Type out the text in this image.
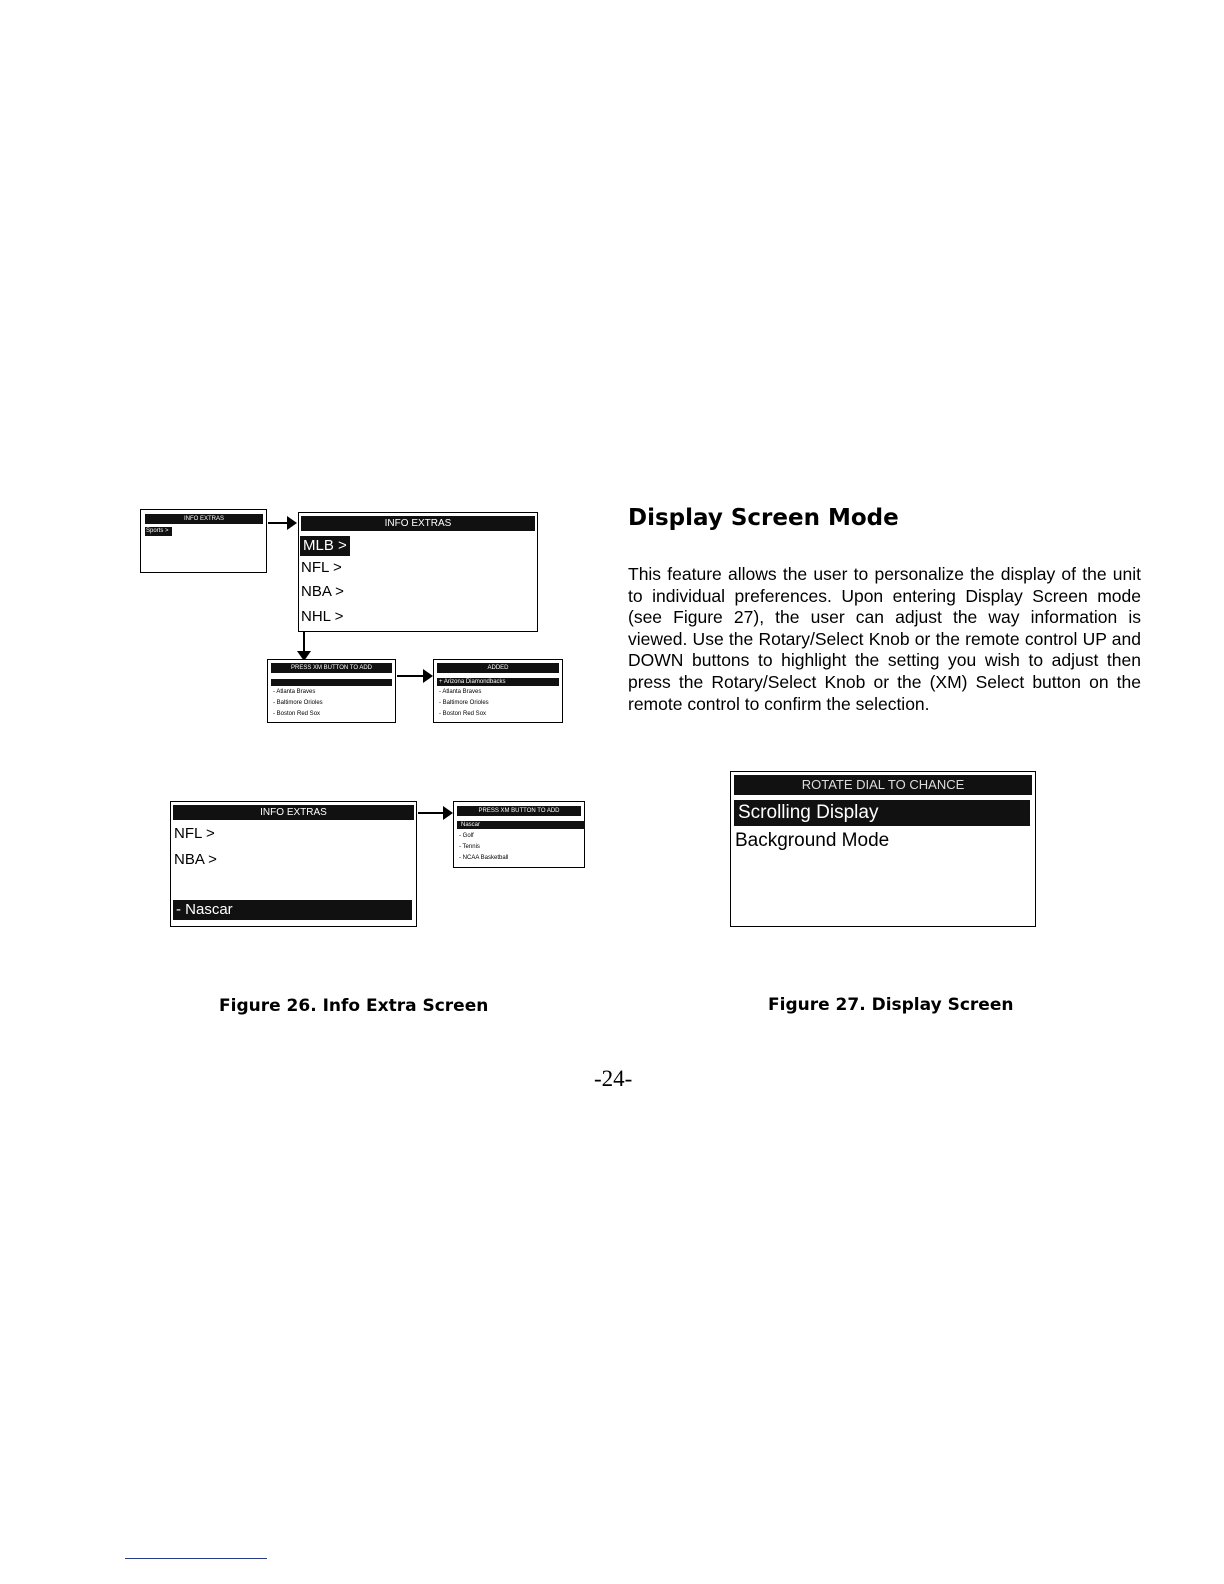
INFO EXTRAS
Sports >
INFO EXTRAS
MLB >
NFL >
NBA >
NHL >
PRESS XM BUTTON TO ADD
- Atlanta Braves
- Baltimore Orioles
- Boston Red Sox
ADDED
+ Arizona Diamondbacks
- Atlanta Braves
- Baltimore Orioles
- Boston Red Sox
INFO EXTRAS
NFL >
NBA >
- Nascar
PRESS XM BUTTON TO ADD
Nascar
- Golf
- Tennis
- NCAA Basketball
Figure 26. Info Extra Screen
Display Screen Mode
This feature allows the user to personalize the display of the unit to individual preferences. Upon entering Display Screen mode (see Figure 27), the user can adjust the way information is viewed. Use the Rotary/Select Knob or the remote control UP and DOWN buttons to highlight the setting you wish to adjust then press the Rotary/Select Knob or the (XM) Select button on the remote control to confirm the selection.
ROTATE DIAL TO CHANCE
Scrolling Display
Background Mode
Figure 27. Display Screen
-24-
